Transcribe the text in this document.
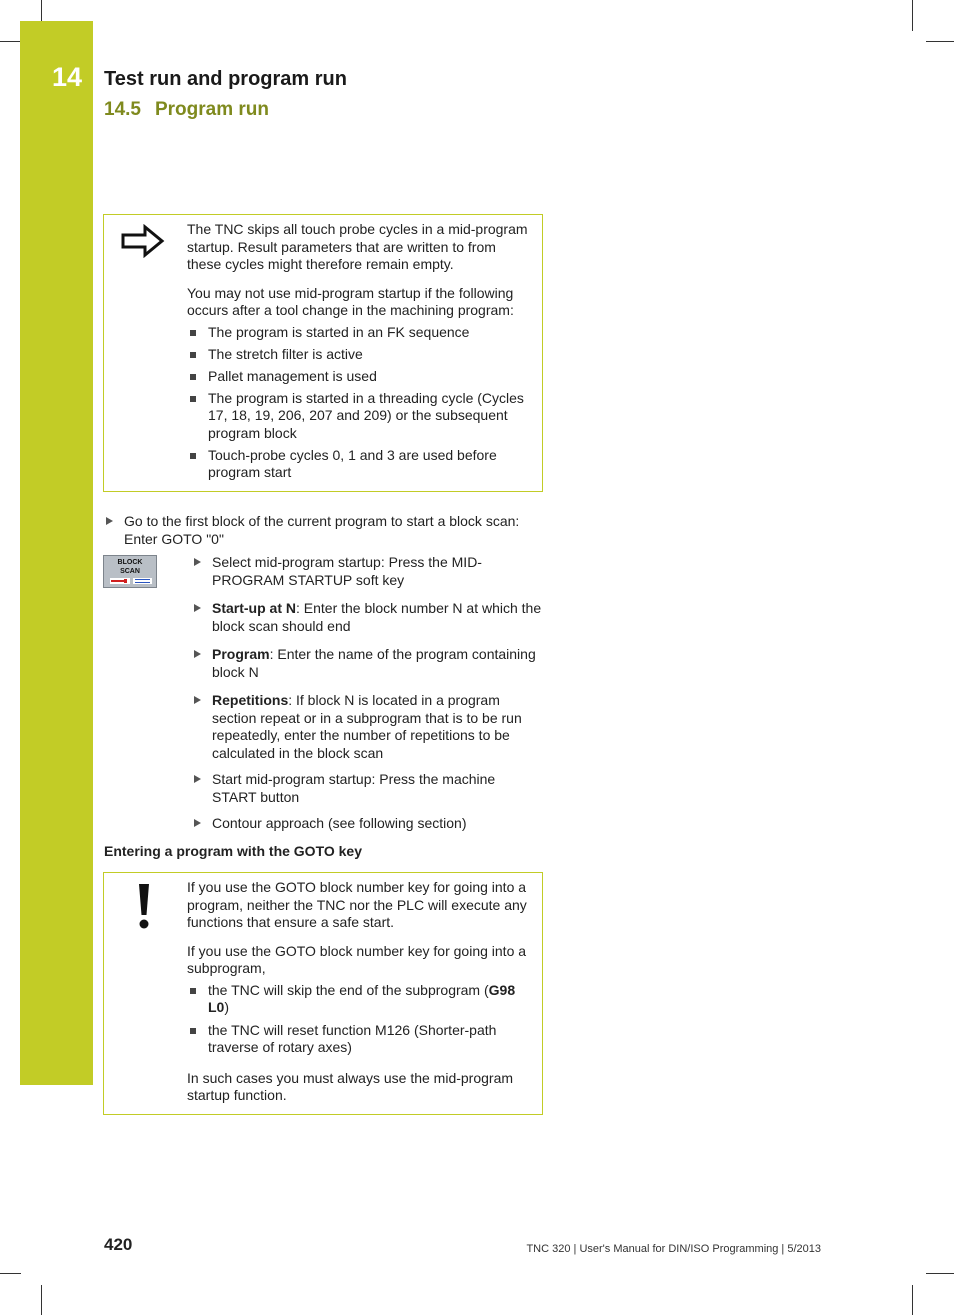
14 Test run and program run
14.5 Program run

The TNC skips all touch probe cycles in a mid-program startup. Result parameters that are written to from these cycles might therefore remain empty.

You may not use mid-program startup if the following occurs after a tool change in the machining program:

The program is started in an FK sequence
The stretch filter is active
Pallet management is used
The program is started in a threading cycle (Cycles 17, 18, 19, 206, 207 and 209) or the subsequent program block
Touch-probe cycles 0, 1 and 3 are used before program start
Go to the first block of the current program to start a block scan: Enter GOTO "0"
BLOCK
SCAN
Select mid-program startup: Press the MID-PROGRAM STARTUP soft key
Start-up at N: Enter the block number N at which the block scan should end
Program: Enter the name of the program containing block N
Repetitions: If block N is located in a program section repeat or in a subprogram that is to be run repeatedly, enter the number of repetitions to be calculated in the block scan
Start mid-program startup: Press the machine START button
Contour approach (see following section)
Entering a program with the GOTO key

If you use the GOTO block number key for going into a program, neither the TNC nor the PLC will execute any functions that ensure a safe start.

If you use the GOTO block number key for going into a subprogram,

the TNC will skip the end of the subprogram (G98 L0)
the TNC will reset function M126 (Shorter-path traverse of rotary axes)

In such cases you must always use the mid-program startup function.

420	TNC 320 | User's Manual for DIN/ISO Programming | 5/2013
